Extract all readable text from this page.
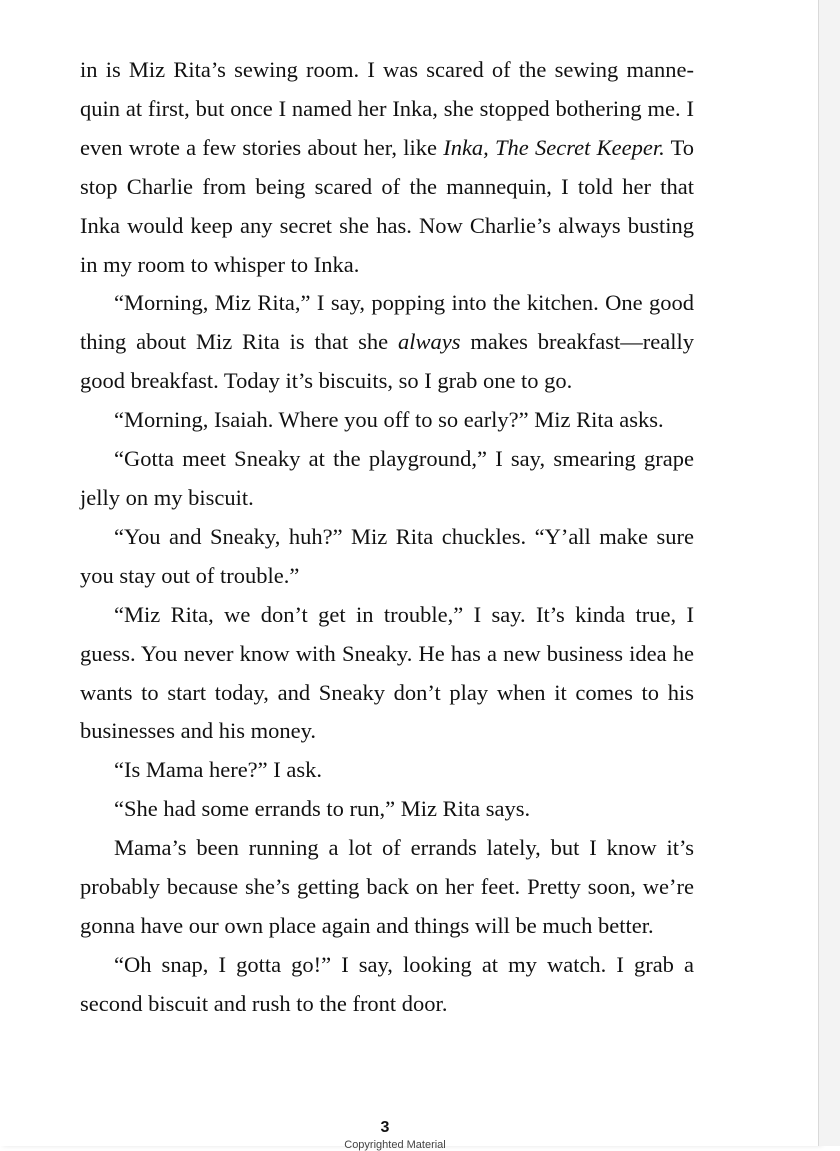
in is Miz Rita’s sewing room. I was scared of the sewing manne-quin at first, but once I named her Inka, she stopped bothering me. I even wrote a few stories about her, like Inka, The Secret Keeper. To stop Charlie from being scared of the mannequin, I told her that Inka would keep any secret she has. Now Charlie’s always busting in my room to whisper to Inka.

“Morning, Miz Rita,” I say, popping into the kitchen. One good thing about Miz Rita is that she always makes breakfast—really good breakfast. Today it’s biscuits, so I grab one to go.

“Morning, Isaiah. Where you off to so early?” Miz Rita asks.

“Gotta meet Sneaky at the playground,” I say, smearing grape jelly on my biscuit.

“You and Sneaky, huh?” Miz Rita chuckles. “Y’all make sure you stay out of trouble.”

“Miz Rita, we don’t get in trouble,” I say. It’s kinda true, I guess. You never know with Sneaky. He has a new business idea he wants to start today, and Sneaky don’t play when it comes to his businesses and his money.

“Is Mama here?” I ask.

“She had some errands to run,” Miz Rita says.

Mama’s been running a lot of errands lately, but I know it’s probably because she’s getting back on her feet. Pretty soon, we’re gonna have our own place again and things will be much better.

“Oh snap, I gotta go!” I say, looking at my watch. I grab a second biscuit and rush to the front door.

3
Copyrighted Material
